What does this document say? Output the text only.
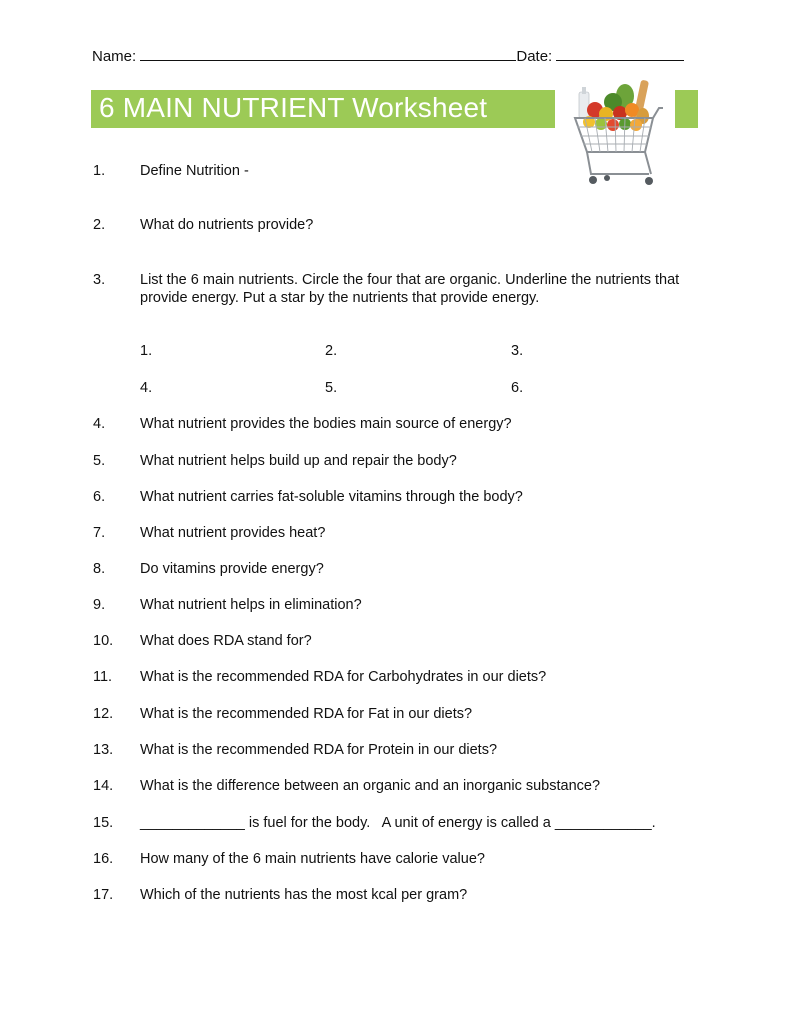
Name:	Date:
6 MAIN NUTRIENT Worksheet
1.	Define Nutrition -
2.	What do nutrients provide?
3.	List the 6 main nutrients. Circle the four that are organic. Underline the nutrients that provide energy. Put a star by the nutrients that provide energy.
1.	2.	3.
4.	5.	6.
4.	What nutrient provides the bodies main source of energy?
5.	What nutrient helps build up and repair the body?
6.	What nutrient carries fat-soluble vitamins through the body?
7.	What nutrient provides heat?
8.	Do vitamins provide energy?
9.	What nutrient helps in elimination?
10.	What does RDA stand for?
11.	What is the recommended RDA for Carbohydrates in our diets?
12.	What is the recommended RDA for Fat in our diets?
13.	What is the recommended RDA for Protein in our diets?
14.	What is the difference between an organic and an inorganic substance?
15.	_____________ is fuel for the body.   A unit of energy is called a ____________.
16.	How many of the 6 main nutrients have calorie value?
17.	Which of the nutrients has the most kcal per gram?
